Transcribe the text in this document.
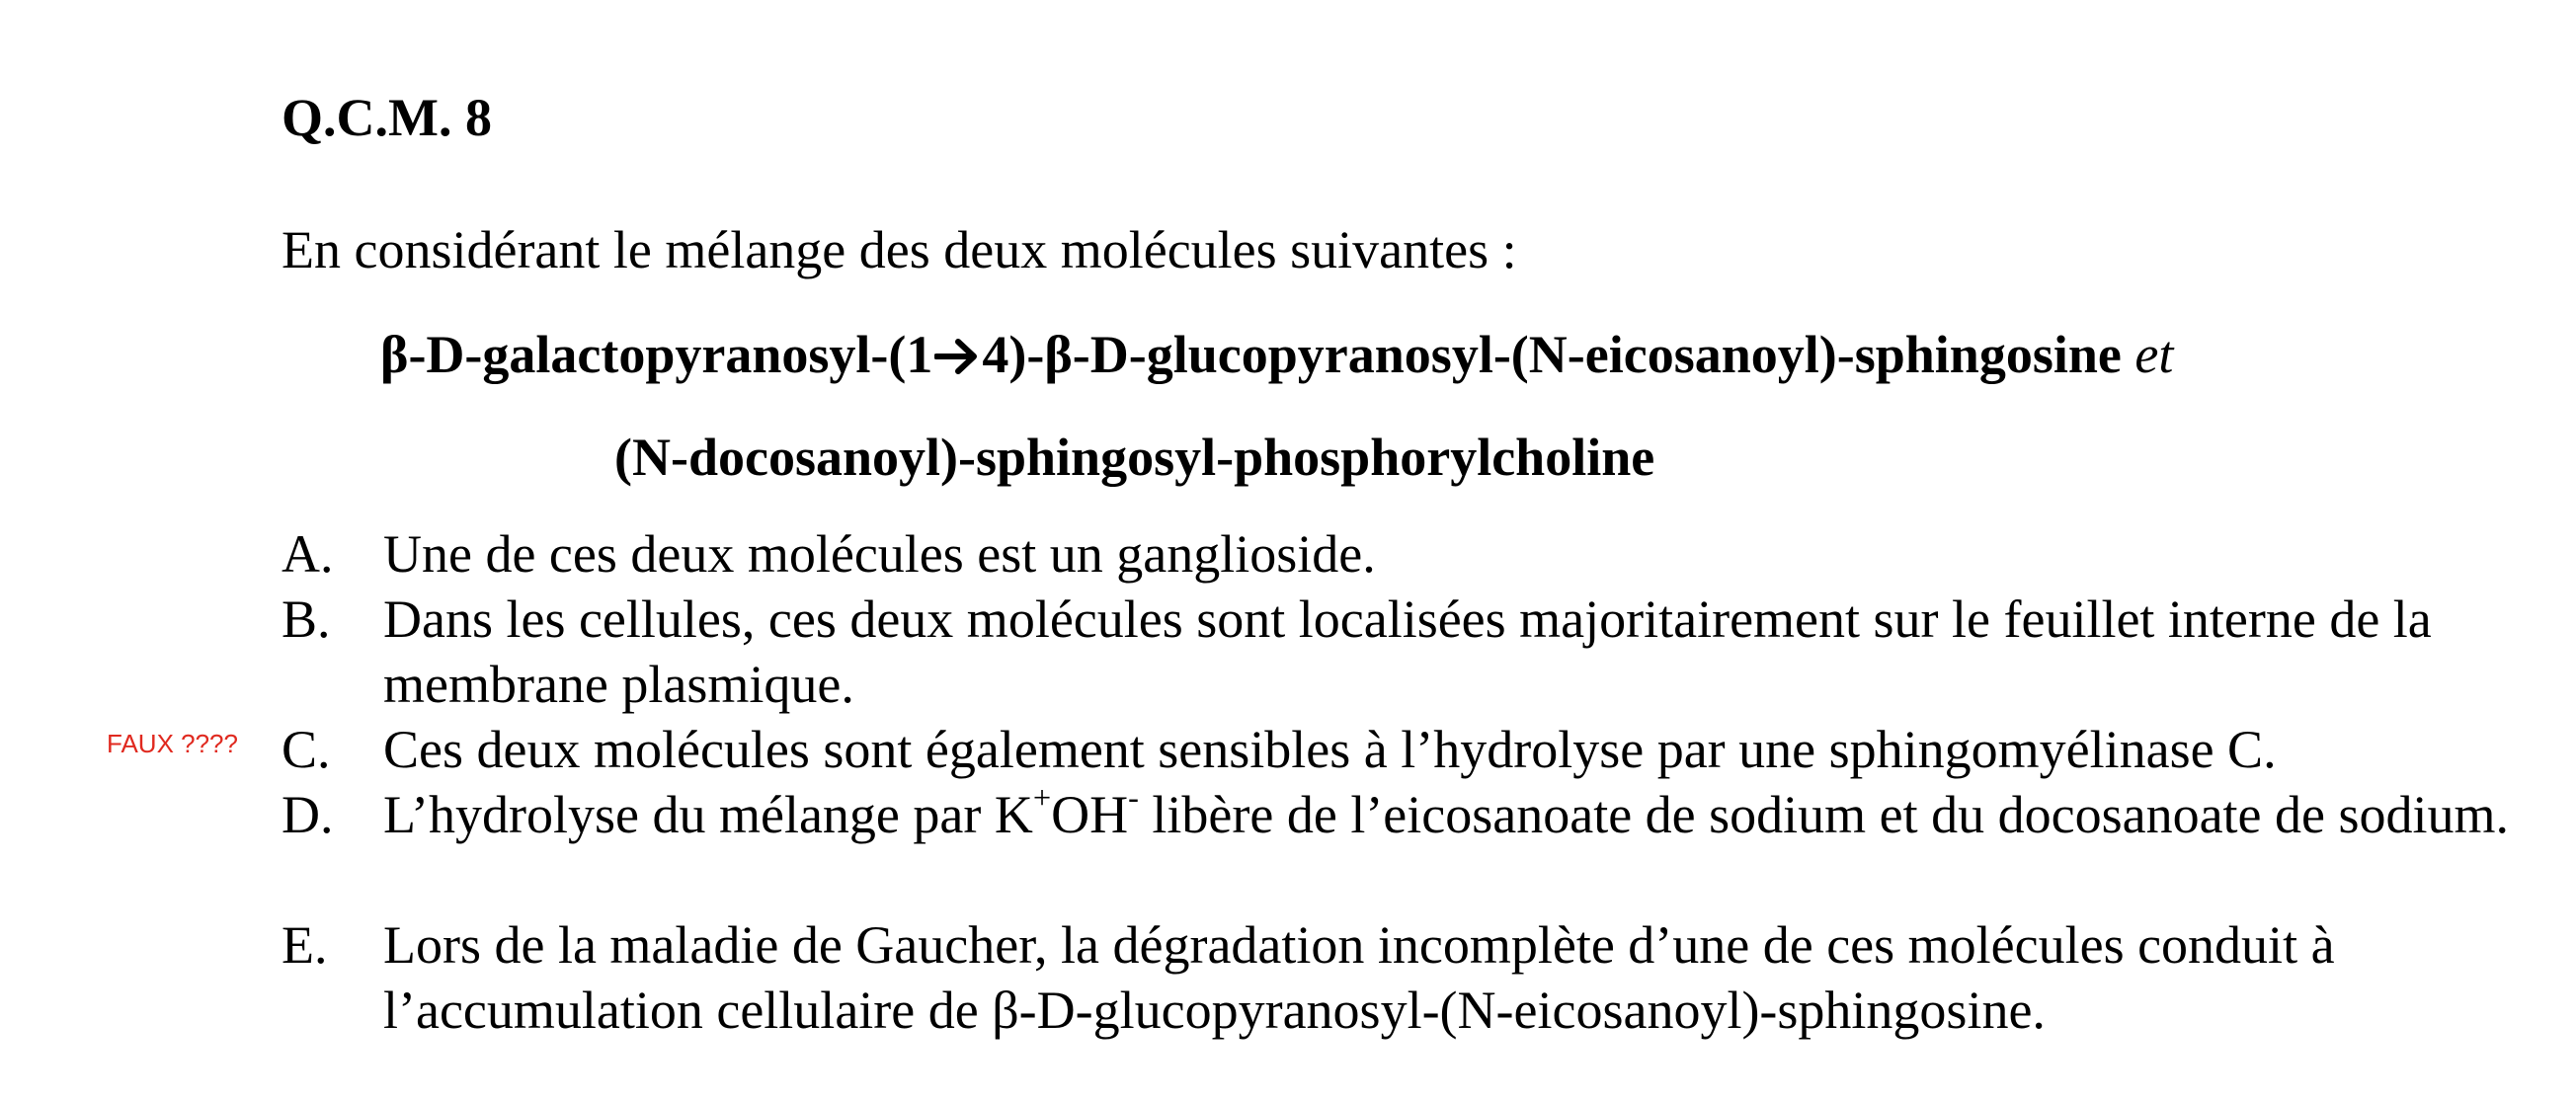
Q.C.M. 8
En considérant le mélange des deux molécules suivantes :
β-D-galactopyranosyl-(1 4)-β-D-glucopyranosyl-(N-eicosanoyl)-sphingosine et
(N-docosanoyl)-sphingosyl-phosphorylcholine
FAUX ????
A. Une de ces deux molécules est un ganglioside.
B. Dans les cellules, ces deux molécules sont localisées majoritairement sur le feuillet interne de la membrane plasmique.
C. Ces deux molécules sont également sensibles à l’hydrolyse par une sphingomyélinase C.
D. L’hydrolyse du mélange par K+OH- libère de l’eicosanoate de sodium et du docosanoate de sodium.
E. Lors de la maladie de Gaucher, la dégradation incomplète d’une de ces molécules conduit à l’accumulation cellulaire de β-D-glucopyranosyl-(N-eicosanoyl)-sphingosine.
